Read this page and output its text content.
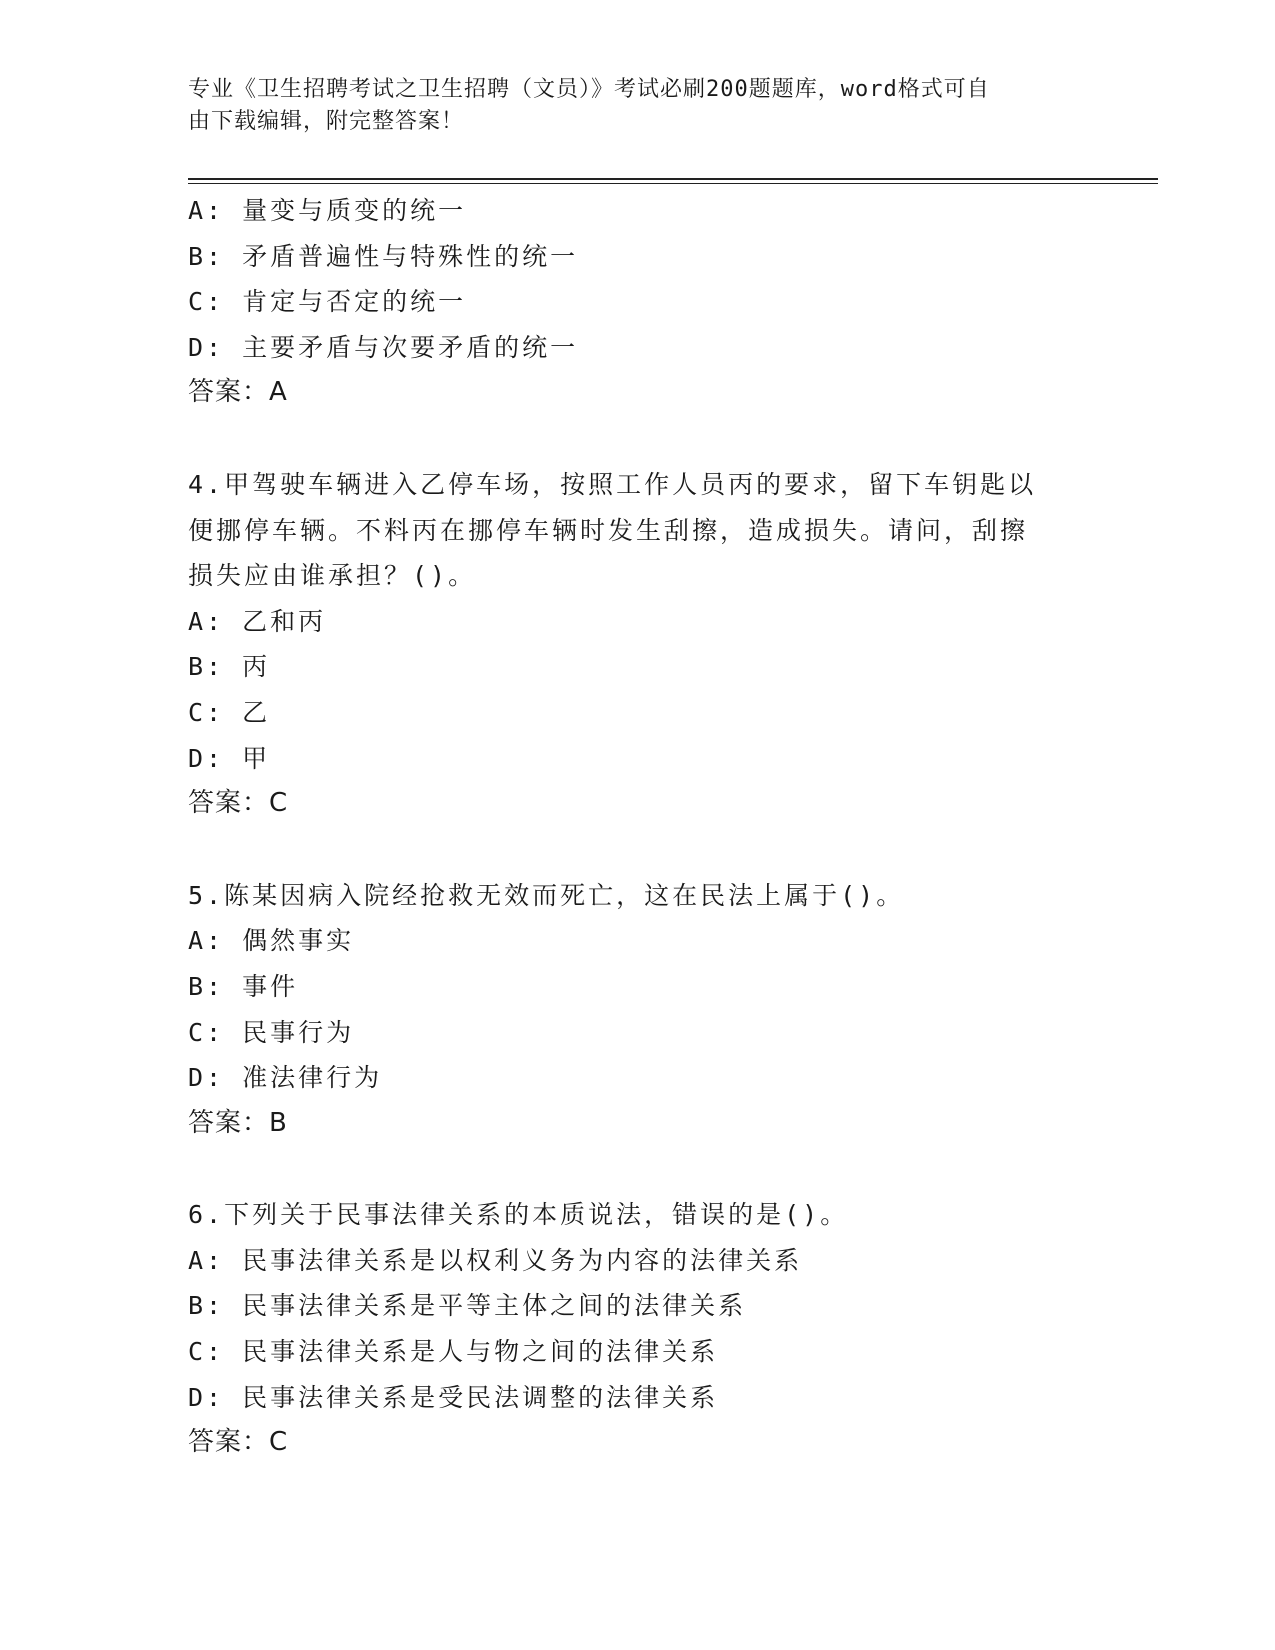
专业《卫生招聘考试之卫生招聘（文员）》考试必刷200题题库，word格式可自
由下载编辑，附完整答案！
A: 量变与质变的统一
B: 矛盾普遍性与特殊性的统一
C: 肯定与否定的统一
D: 主要矛盾与次要矛盾的统一
答案：A
4.甲驾驶车辆进入乙停车场，按照工作人员丙的要求，留下车钥匙以
便挪停车辆。不料丙在挪停车辆时发生刮擦，造成损失。请问，刮擦
损失应由谁承担？()。
A: 乙和丙
B: 丙
C: 乙
D: 甲
答案：C
5.陈某因病入院经抢救无效而死亡，这在民法上属于()。
A: 偶然事实
B: 事件
C: 民事行为
D: 准法律行为
答案：B
6.下列关于民事法律关系的本质说法，错误的是()。
A: 民事法律关系是以权利义务为内容的法律关系
B: 民事法律关系是平等主体之间的法律关系
C: 民事法律关系是人与物之间的法律关系
D: 民事法律关系是受民法调整的法律关系
答案：C
